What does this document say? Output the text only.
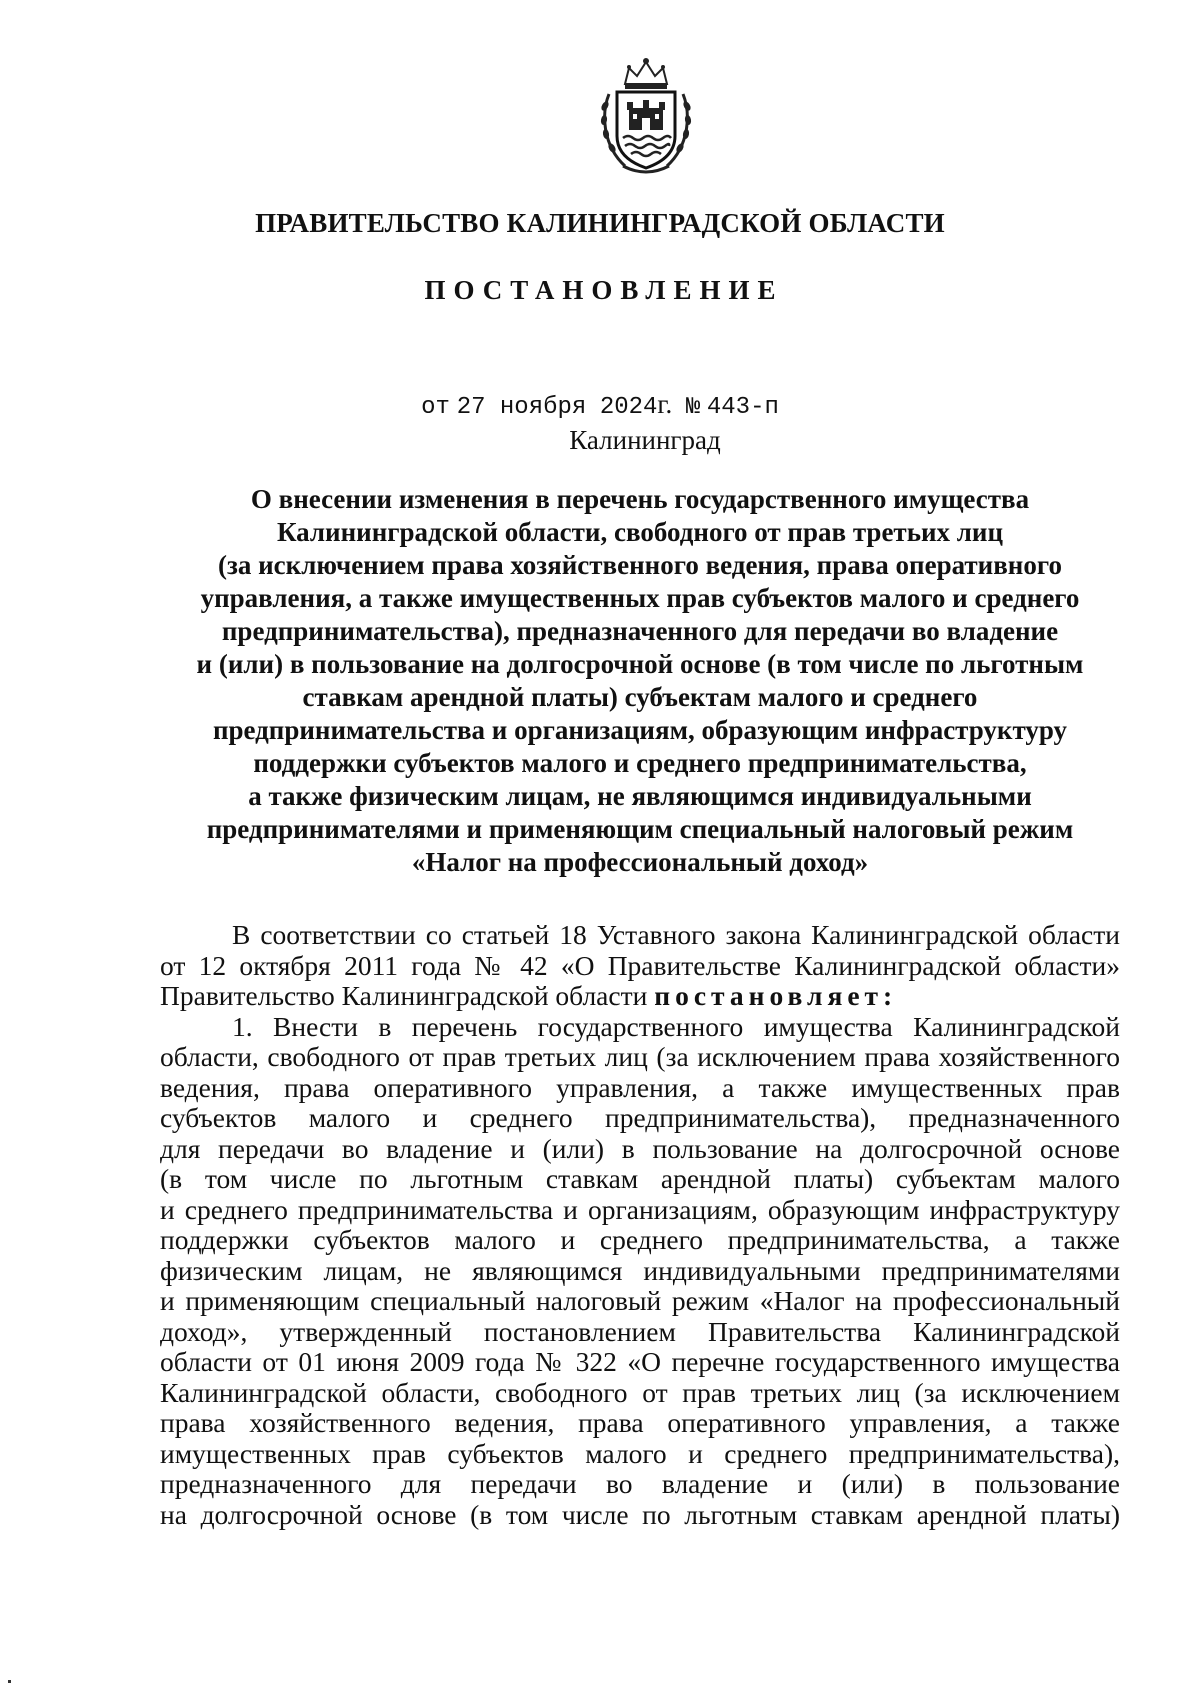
ПРАВИТЕЛЬСТВО КАЛИНИНГРАДСКОЙ ОБЛАСТИ
ПОСТАНОВЛЕНИЕ
от 27 ноября 2024г. № 443-п
Калининград
О внесении изменения в перечень государственного имущества
Калининградской области, свободного от прав третьих лиц
(за исключением права хозяйственного ведения, права оперативного
управления, а также имущественных прав субъектов малого и среднего
предпринимательства), предназначенного для передачи во владение
и (или) в пользование на долгосрочной основе (в том числе по льготным
ставкам арендной платы) субъектам малого и среднего
предпринимательства и организациям, образующим инфраструктуру
поддержки субъектов малого и среднего предпринимательства,
а также физическим лицам, не являющимся индивидуальными
предпринимателями и применяющим специальный налоговый режим
«Налог на профессиональный доход»
В соответствии со статьей 18 Уставного закона Калининградской области
от 12 октября 2011 года № 42 «О Правительстве Калининградской области»
Правительство Калининградской области постановляет:
1. Внести в перечень государственного имущества Калининградской
области, свободного от прав третьих лиц (за исключением права хозяйственного
ведения, права оперативного управления, а также имущественных прав
субъектов малого и среднего предпринимательства), предназначенного
для передачи во владение и (или) в пользование на долгосрочной основе
(в том числе по льготным ставкам арендной платы) субъектам малого
и среднего предпринимательства и организациям, образующим инфраструктуру
поддержки субъектов малого и среднего предпринимательства, а также
физическим лицам, не являющимся индивидуальными предпринимателями
и применяющим специальный налоговый режим «Налог на профессиональный
доход», утвержденный постановлением Правительства Калининградской
области от 01 июня 2009 года № 322 «О перечне государственного имущества
Калининградской области, свободного от прав третьих лиц (за исключением
права хозяйственного ведения, права оперативного управления, а также
имущественных прав субъектов малого и среднего предпринимательства),
предназначенного для передачи во владение и (или) в пользование
на долгосрочной основе (в том числе по льготным ставкам арендной платы)
